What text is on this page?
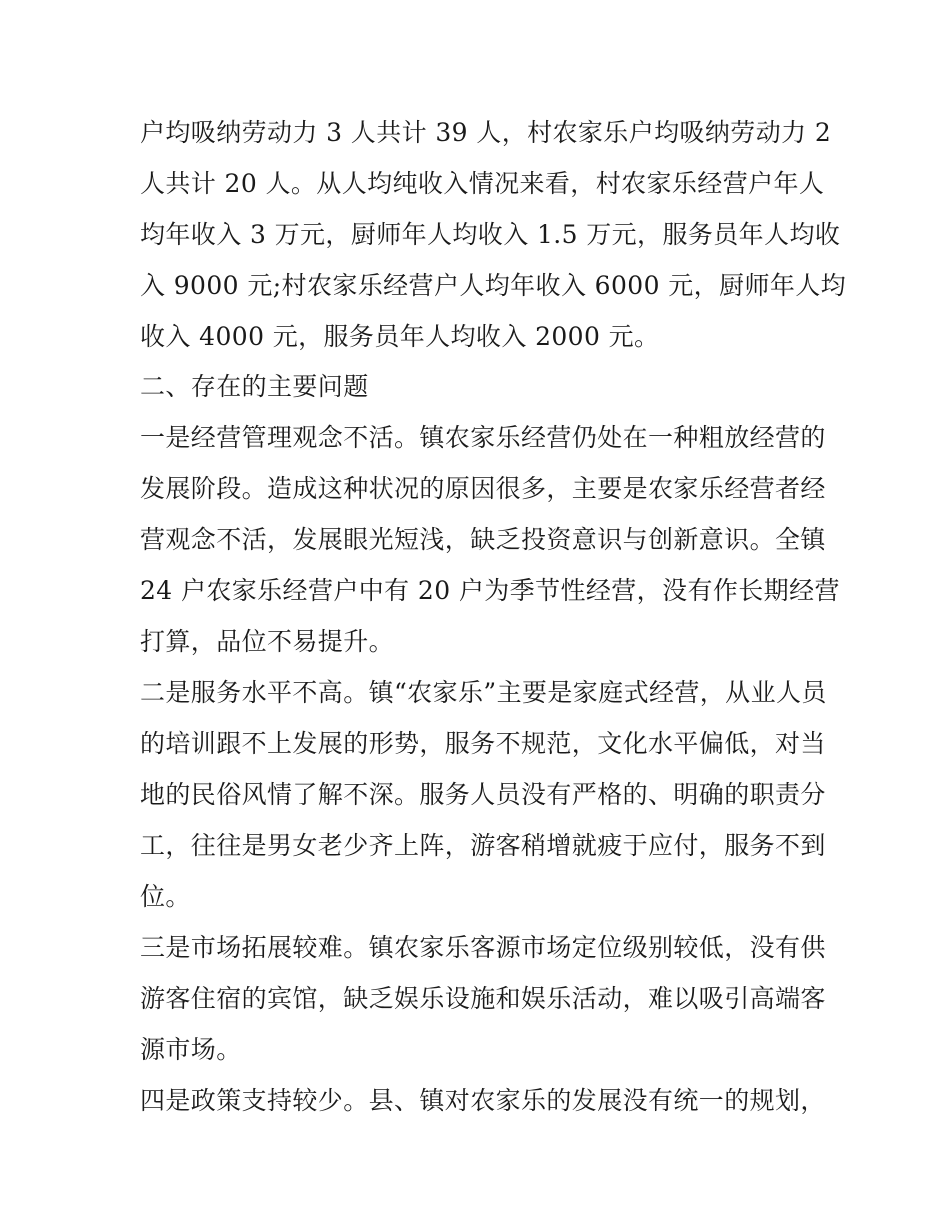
户均吸纳劳动力 3 人共计 39 人，村农家乐户均吸纳劳动力 2
人共计 20 人。从人均纯收入情况来看，村农家乐经营户年人
均年收入 3 万元，厨师年人均收入 1.5 万元，服务员年人均收
入 9000 元;村农家乐经营户人均年收入 6000 元，厨师年人均
收入 4000 元，服务员年人均收入 2000 元。
二、存在的主要问题
一是经营管理观念不活。镇农家乐经营仍处在一种粗放经营的
发展阶段。造成这种状况的原因很多，主要是农家乐经营者经
营观念不活，发展眼光短浅，缺乏投资意识与创新意识。全镇
24 户农家乐经营户中有 20 户为季节性经营，没有作长期经营
打算，品位不易提升。
二是服务水平不高。镇“农家乐”主要是家庭式经营，从业人员
的培训跟不上发展的形势，服务不规范，文化水平偏低，对当
地的民俗风情了解不深。服务人员没有严格的、明确的职责分
工，往往是男女老少齐上阵，游客稍增就疲于应付，服务不到
位。
三是市场拓展较难。镇农家乐客源市场定位级别较低，没有供
游客住宿的宾馆，缺乏娱乐设施和娱乐活动，难以吸引高端客
源市场。
四是政策支持较少。县、镇对农家乐的发展没有统一的规划，
